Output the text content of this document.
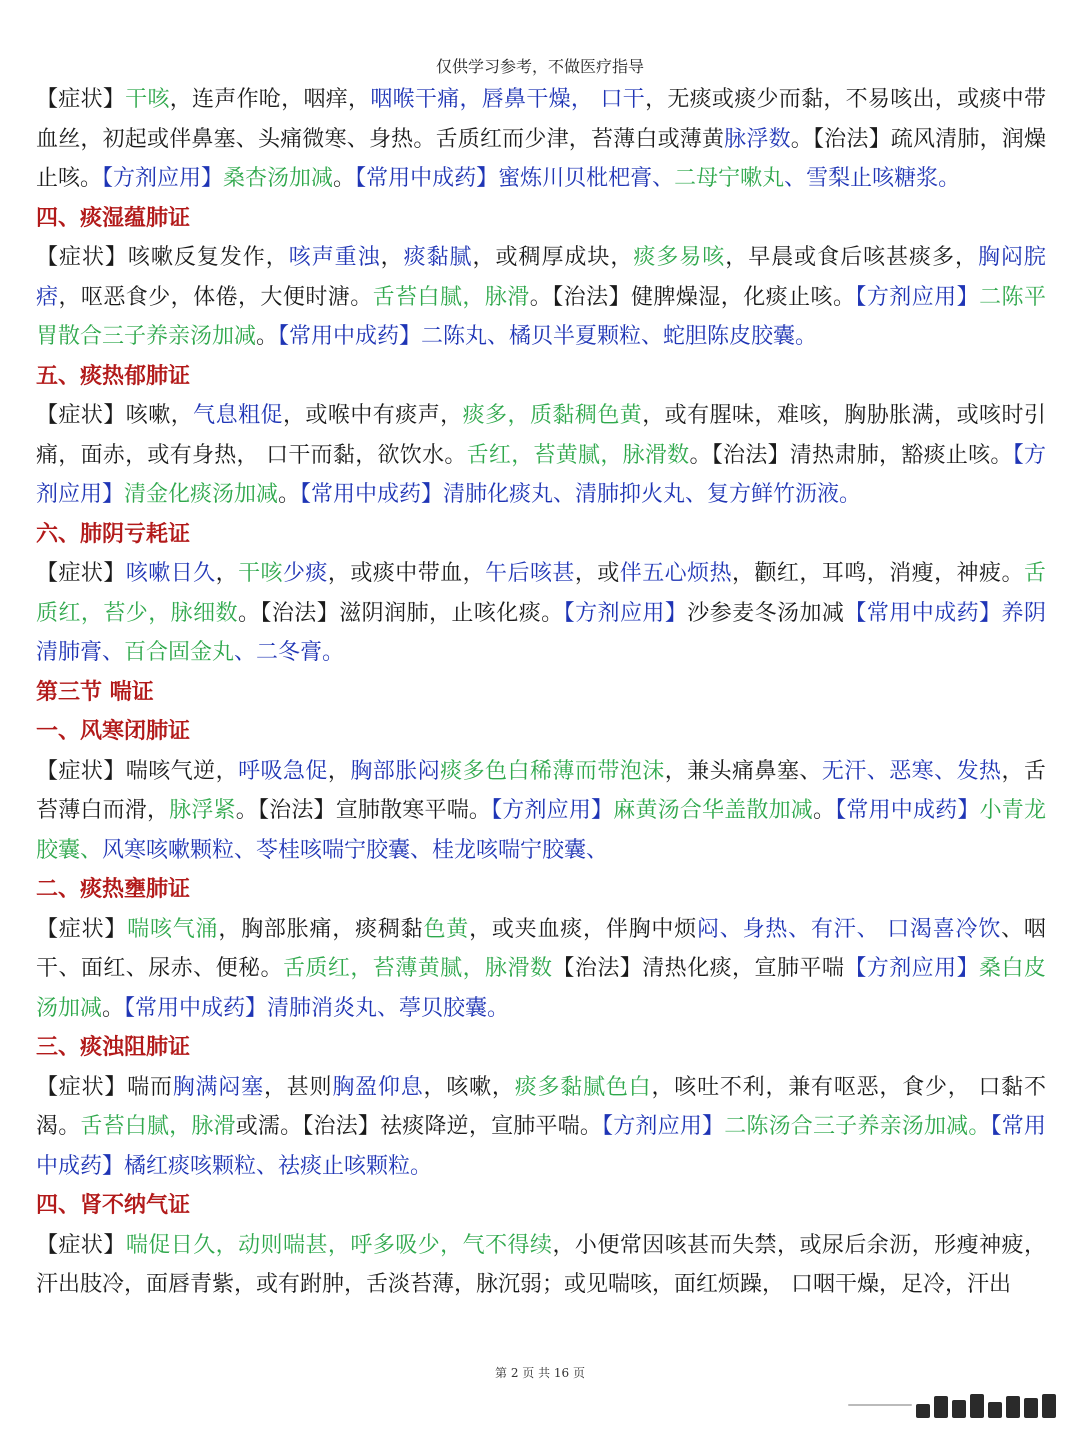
仅供学习参考，不做医疗指导

【症状】干咳，连声作呛，咽痒，咽喉干痛，唇鼻干燥， 口干，无痰或痰少而黏，不易咳出，或痰中带血丝，初起或伴鼻塞、头痛微寒、身热。舌质红而少津，苔薄白或薄黄脉浮数。【治法】疏风清肺，润燥止咳。【方剂应用】桑杏汤加减。【常用中成药】蜜炼川贝枇杷膏、二母宁嗽丸、雪梨止咳糖浆。

四、痰湿蕴肺证

【症状】咳嗽反复发作，咳声重浊，痰黏腻，或稠厚成块，痰多易咳，早晨或食后咳甚痰多，胸闷脘痞，呕恶食少，体倦，大便时溏。舌苔白腻，脉滑。【治法】健脾燥湿，化痰止咳。【方剂应用】二陈平胃散合三子养亲汤加减。【常用中成药】二陈丸、橘贝半夏颗粒、蛇胆陈皮胶囊。

五、痰热郁肺证

【症状】咳嗽，气息粗促，或喉中有痰声，痰多，质黏稠色黄，或有腥味，难咳，胸胁胀满，或咳时引痛，面赤，或有身热， 口干而黏，欲饮水。舌红，苔黄腻，脉滑数。【治法】清热肃肺，豁痰止咳。【方剂应用】清金化痰汤加减。【常用中成药】清肺化痰丸、清肺抑火丸、复方鲜竹沥液。

六、肺阴亏耗证

【症状】咳嗽日久，干咳少痰，或痰中带血，午后咳甚，或伴五心烦热，颧红，耳鸣，消瘦，神疲。舌质红，苔少，脉细数。【治法】滋阴润肺，止咳化痰。【方剂应用】沙参麦冬汤加减【常用中成药】养阴清肺膏、百合固金丸、二冬膏。

第三节 喘证
一、风寒闭肺证

【症状】喘咳气逆，呼吸急促，胸部胀闷痰多色白稀薄而带泡沫，兼头痛鼻塞、无汗、恶寒、发热，舌苔薄白而滑，脉浮紧。【治法】宣肺散寒平喘。【方剂应用】麻黄汤合华盖散加减。【常用中成药】小青龙胶囊、风寒咳嗽颗粒、苓桂咳喘宁胶囊、桂龙咳喘宁胶囊、

二、痰热壅肺证

【症状】喘咳气涌，胸部胀痛，痰稠黏色黄，或夹血痰，伴胸中烦闷、身热、有汗、 口渴喜冷饮、咽干、面红、尿赤、便秘。舌质红，苔薄黄腻，脉滑数【治法】清热化痰，宣肺平喘【方剂应用】桑白皮汤加减。【常用中成药】清肺消炎丸、葶贝胶囊。

三、痰浊阻肺证

【症状】喘而胸满闷塞，甚则胸盈仰息，咳嗽，痰多黏腻色白，咳吐不利，兼有呕恶，食少， 口黏不渴。舌苔白腻，脉滑或濡。【治法】祛痰降逆，宣肺平喘。【方剂应用】二陈汤合三子养亲汤加减。【常用中成药】橘红痰咳颗粒、祛痰止咳颗粒。

四、肾不纳气证

【症状】喘促日久，动则喘甚，呼多吸少，气不得续，小便常因咳甚而失禁，或尿后余沥，形瘦神疲，汗出肢冷，面唇青紫，或有跗肿，舌淡苔薄，脉沉弱；或见喘咳，面红烦躁， 口咽干燥，足冷，汗出

第 2 页 共 16 页
